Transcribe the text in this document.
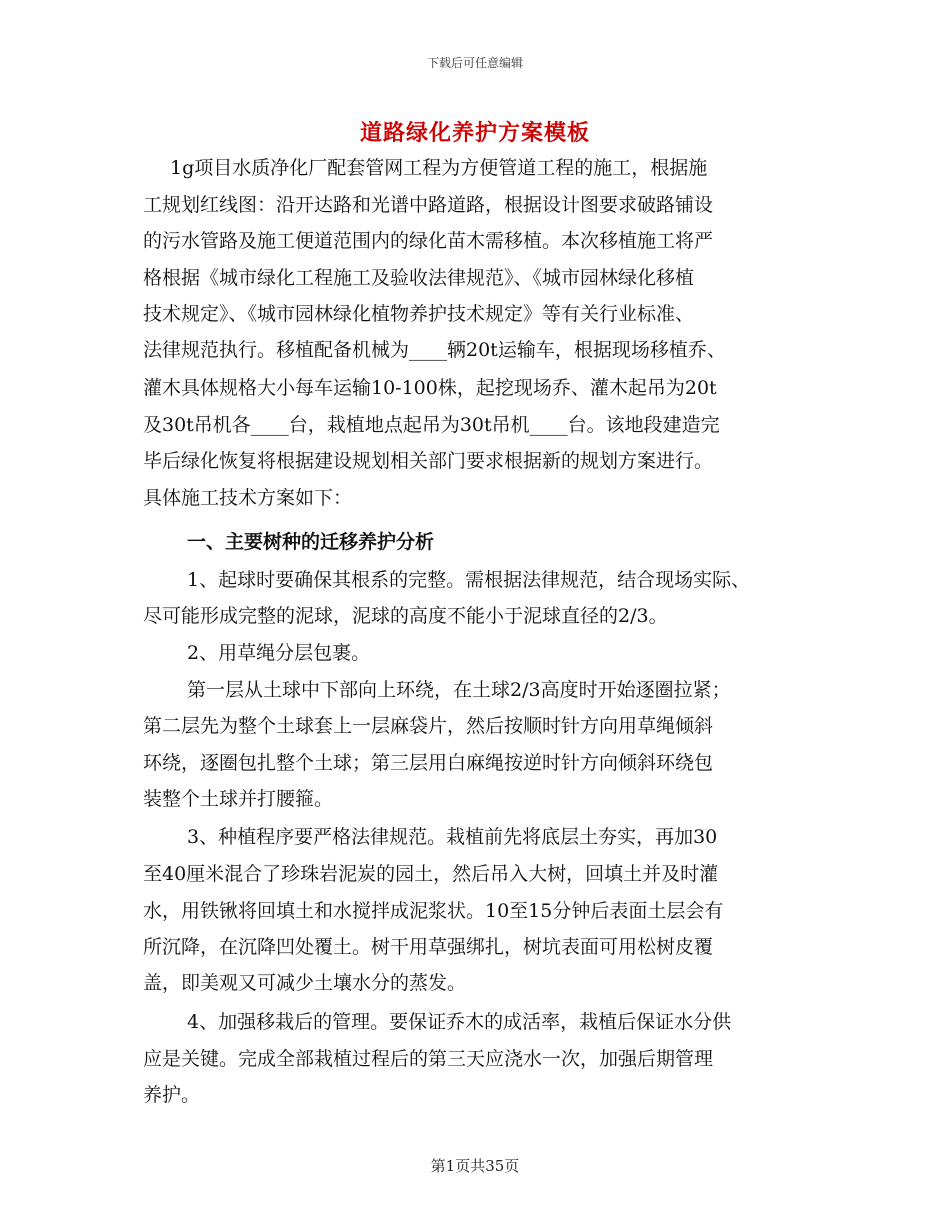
下载后可任意编辑
道路绿化养护方案模板
1g项目水质净化厂配套管网工程为方便管道工程的施工，根据施
工规划红线图：沿开达路和光谱中路道路，根据设计图要求破路铺设
的污水管路及施工便道范围内的绿化苗木需移植。本次移植施工将严
格根据《城市绿化工程施工及验收法律规范》、《城市园林绿化移植
技术规定》、《城市园林绿化植物养护技术规定》等有关行业标准、
法律规范执行。移植配备机械为____辆20t运输车，根据现场移植乔、
灌木具体规格大小每车运输10-100株，起挖现场乔、灌木起吊为20t
及30t吊机各____台，栽植地点起吊为30t吊机____台。该地段建造完
毕后绿化恢复将根据建设规划相关部门要求根据新的规划方案进行。
具体施工技术方案如下：
一、主要树种的迁移养护分析
1、起球时要确保其根系的完整。需根据法律规范，结合现场实际、
尽可能形成完整的泥球，泥球的高度不能小于泥球直径的2/3。
2、用草绳分层包裹。
第一层从土球中下部向上环绕，在土球2/3高度时开始逐圈拉紧；
第二层先为整个土球套上一层麻袋片，然后按顺时针方向用草绳倾斜
环绕，逐圈包扎整个土球；第三层用白麻绳按逆时针方向倾斜环绕包
装整个土球并打腰箍。
3、种植程序要严格法律规范。栽植前先将底层土夯实，再加30
至40厘米混合了珍珠岩泥炭的园土，然后吊入大树，回填土并及时灌
水，用铁锹将回填土和水搅拌成泥浆状。10至15分钟后表面土层会有
所沉降，在沉降凹处覆土。树干用草强绑扎，树坑表面可用松树皮覆
盖，即美观又可减少土壤水分的蒸发。
4、加强移栽后的管理。要保证乔木的成活率，栽植后保证水分供
应是关键。完成全部栽植过程后的第三天应浇水一次，加强后期管理
养护。
第1页共35页
